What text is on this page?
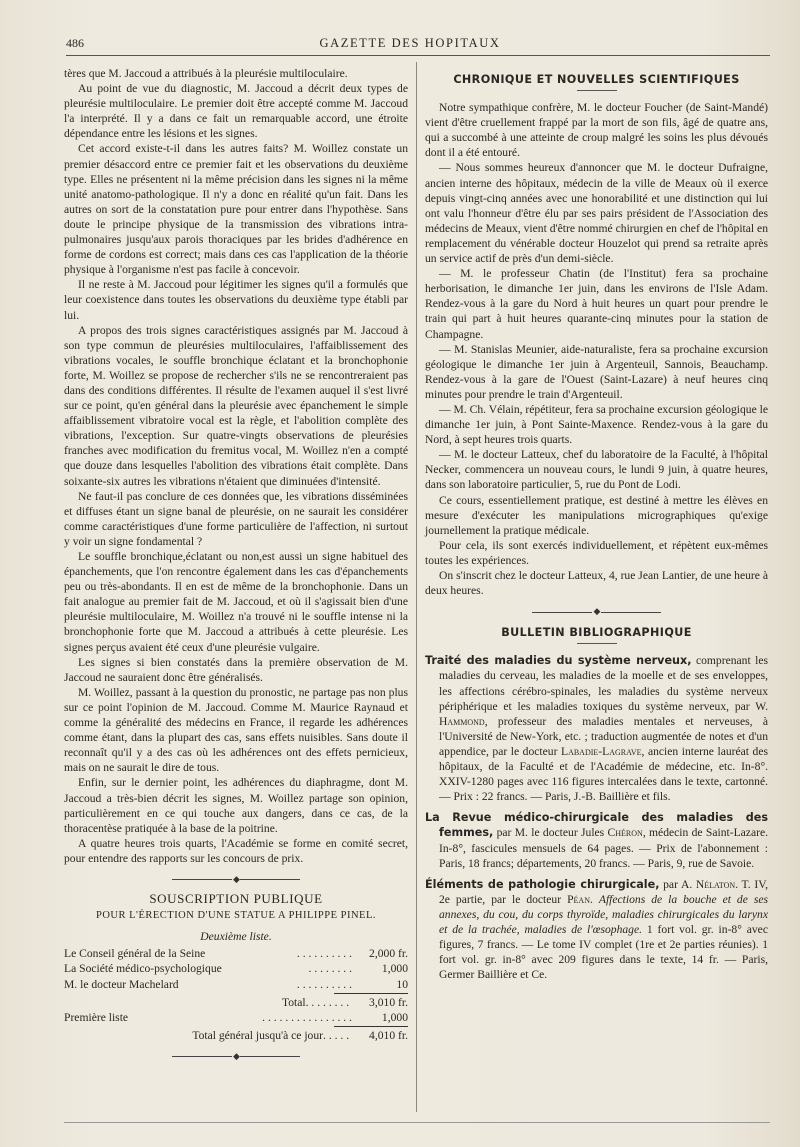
486	GAZETTE DES HOPITAUX

tères que M. Jaccoud a attribués à la pleurésie multiloculaire.

Au point de vue du diagnostic, M. Jaccoud a décrit deux types de pleurésie multiloculaire. Le premier doit être accepté comme M. Jaccoud l'a interprété. Il y a dans ce fait un remarquable accord, une étroite dépendance entre les lésions et les signes.

Cet accord existe-t-il dans les autres faits? M. Woillez constate un premier désaccord entre ce premier fait et les observations du deuxième type. Elles ne présentent ni la même précision dans les signes ni la même unité anatomo-pathologique. Il n'y a donc en réalité qu'un fait. Dans les autres on sort de la constatation pure pour entrer dans l'hypothèse. Sans doute le principe physique de la transmission des vibrations intra-pulmonaires jusqu'aux parois thoraciques par les brides d'adhérence en forme de cordons est correct; mais dans ces cas l'application de la théorie physique à l'organisme n'est pas facile à concevoir.

Il ne reste à M. Jaccoud pour légitimer les signes qu'il a formulés que leur coexistence dans toutes les observations du deuxième type établi par lui.

A propos des trois signes caractéristiques assignés par M. Jaccoud à son type commun de pleurésies multiloculaires, l'affaiblissement des vibrations vocales, le souffle bronchique éclatant et la bronchophonie forte, M. Woillez se propose de rechercher s'ils ne se rencontreraient pas dans des conditions différentes. Il résulte de l'examen auquel il s'est livré sur ce point, qu'en général dans la pleurésie avec épanchement le simple affaiblissement vibratoire vocal est la règle, et l'abolition complète des vibrations, l'exception. Sur quatre-vingts observations de pleurésies franches avec modification du fremitus vocal, M. Woillez n'en a compté que douze dans lesquelles l'abolition des vibrations était complète. Dans soixante-six autres les vibrations n'étaient que diminuées d'intensité.

Ne faut-il pas conclure de ces données que, les vibrations disséminées et diffuses étant un signe banal de pleurésie, on ne saurait les considérer comme caractéristiques d'une forme particulière de l'affection, ni surtout y voir un signe fondamental ?

Le souffle bronchique,éclatant ou non,est aussi un signe habituel des épanchements, que l'on rencontre également dans les cas d'épanchements peu ou très-abondants. Il en est de même de la bronchophonie. Dans un fait analogue au premier fait de M. Jaccoud, et où il s'agissait bien d'une pleurésie multiloculaire, M. Woillez n'a trouvé ni le souffle intense ni la bronchophonie forte que M. Jaccoud a attribués à cette pleurésie. Les signes perçus avaient été ceux d'une pleurésie vulgaire.

Les signes si bien constatés dans la première observation de M. Jaccoud ne sauraient donc être généralisés.

M. Woillez, passant à la question du pronostic, ne partage pas non plus sur ce point l'opinion de M. Jaccoud. Comme M. Maurice Raynaud et comme la généralité des médecins en France, il regarde les adhérences comme étant, dans la plupart des cas, sans effets nuisibles. Sans doute il reconnaît qu'il y a des cas où les adhérences ont des effets pernicieux, mais on ne saurait le dire de tous.

Enfin, sur le dernier point, les adhérences du diaphragme, dont M. Jaccoud a très-bien décrit les signes, M. Woillez partage son opinion, particulièrement en ce qui touche aux dangers, dans ce cas, de la thoracentèse pratiquée à la base de la poitrine.

A quatre heures trois quarts, l'Académie se forme en comité secret, pour entendre des rapports sur les concours de prix.

◆
SOUSCRIPTION PUBLIQUE
POUR L'ÉRECTION D'UNE STATUE A PHILIPPE PINEL.
Deuxième liste.
Le Conseil général de la Seine	. . . . . . . . . .	2,000 fr.
La Société médico-psychologique	. . . . . . . .	1,000
M. le docteur Machelard	. . . . . . . . . .	10
Total . . . . . . . .	3,010 fr.
Première liste	. . . . . . . . . . . . . . . .	1,000
Total général jusqu'à ce jour . . . . .	4,010 fr.
◆
CHRONIQUE ET NOUVELLES SCIENTIFIQUES

Notre sympathique confrère, M. le docteur Foucher (de Saint-Mandé) vient d'être cruellement frappé par la mort de son fils, âgé de quatre ans, qui a succombé à une atteinte de croup malgré les soins les plus dévoués dont il a été entouré.

— Nous sommes heureux d'annoncer que M. le docteur Dufraigne, ancien interne des hôpitaux, médecin de la ville de Meaux où il exerce depuis vingt-cinq années avec une honorabilité et une distinction qui lui ont valu l'honneur d'être élu par ses pairs président de l'Association des médecins de Meaux, vient d'être nommé chirurgien en chef de l'hôpital en remplacement du vénérable docteur Houzelot qui prend sa retraite après un service actif de près d'un demi-siècle.

— M. le professeur Chatin (de l'Institut) fera sa prochaine herborisation, le dimanche 1er juin, dans les environs de l'Isle Adam. Rendez-vous à la gare du Nord à huit heures un quart pour prendre le train qui part à huit heures quarante-cinq minutes pour la station de Champagne.

— M. Stanislas Meunier, aide-naturaliste, fera sa prochaine excursion géologique le dimanche 1er juin à Argenteuil, Sannois, Beauchamp. Rendez-vous à la gare de l'Ouest (Saint-Lazare) à neuf heures cinq minutes pour prendre le train d'Argenteuil.

— M. Ch. Vélain, répétiteur, fera sa prochaine excursion géologique le dimanche 1er juin, à Pont Sainte-Maxence. Rendez-vous à la gare du Nord, à sept heures trois quarts.

— M. le docteur Latteux, chef du laboratoire de la Faculté, à l'hôpital Necker, commencera un nouveau cours, le lundi 9 juin, à quatre heures, dans son laboratoire particulier, 5, rue du Pont de Lodi.

Ce cours, essentiellement pratique, est destiné à mettre les élèves en mesure d'exécuter les manipulations micrographiques qu'exige journellement la pratique médicale.

Pour cela, ils sont exercés individuellement, et répètent eux-mêmes toutes les expériences.

On s'inscrit chez le docteur Latteux, 4, rue Jean Lantier, de une heure à deux heures.

◆
BULLETIN BIBLIOGRAPHIQUE

Traité des maladies du système nerveux, comprenant les maladies du cerveau, les maladies de la moelle et de ses enveloppes, les affections cérébro-spinales, les maladies du système nerveux périphérique et les maladies toxiques du système nerveux, par W. Hammond, professeur des maladies mentales et nerveuses, à l'Université de New-York, etc. ; traduction augmentée de notes et d'un appendice, par le docteur Labadie-Lagrave, ancien interne lauréat des hôpitaux, de la Faculté et de l'Académie de médecine, etc. In-8°. XXIV-1280 pages avec 116 figures intercalées dans le texte, cartonné. — Prix : 22 francs. — Paris, J.-B. Baillière et fils.

La Revue médico-chirurgicale des maladies des femmes, par M. le docteur Jules Chéron, médecin de Saint-Lazare. In-8°, fascicules mensuels de 64 pages. — Prix de l'abonnement : Paris, 18 francs; départements, 20 francs. — Paris, 9, rue de Savoie.

Éléments de pathologie chirurgicale, par A. Nélaton. T. IV, 2e partie, par le docteur Péan. Affections de la bouche et de ses annexes, du cou, du corps thyroïde, maladies chirurgicales du larynx et de la trachée, maladies de l'œsophage. 1 fort vol. gr. in-8° avec figures, 7 francs. — Le tome IV complet (1re et 2e parties réunies). 1 fort vol. gr. in-8° avec 209 figures dans le texte, 14 fr. — Paris, Germer Baillière et Ce.
